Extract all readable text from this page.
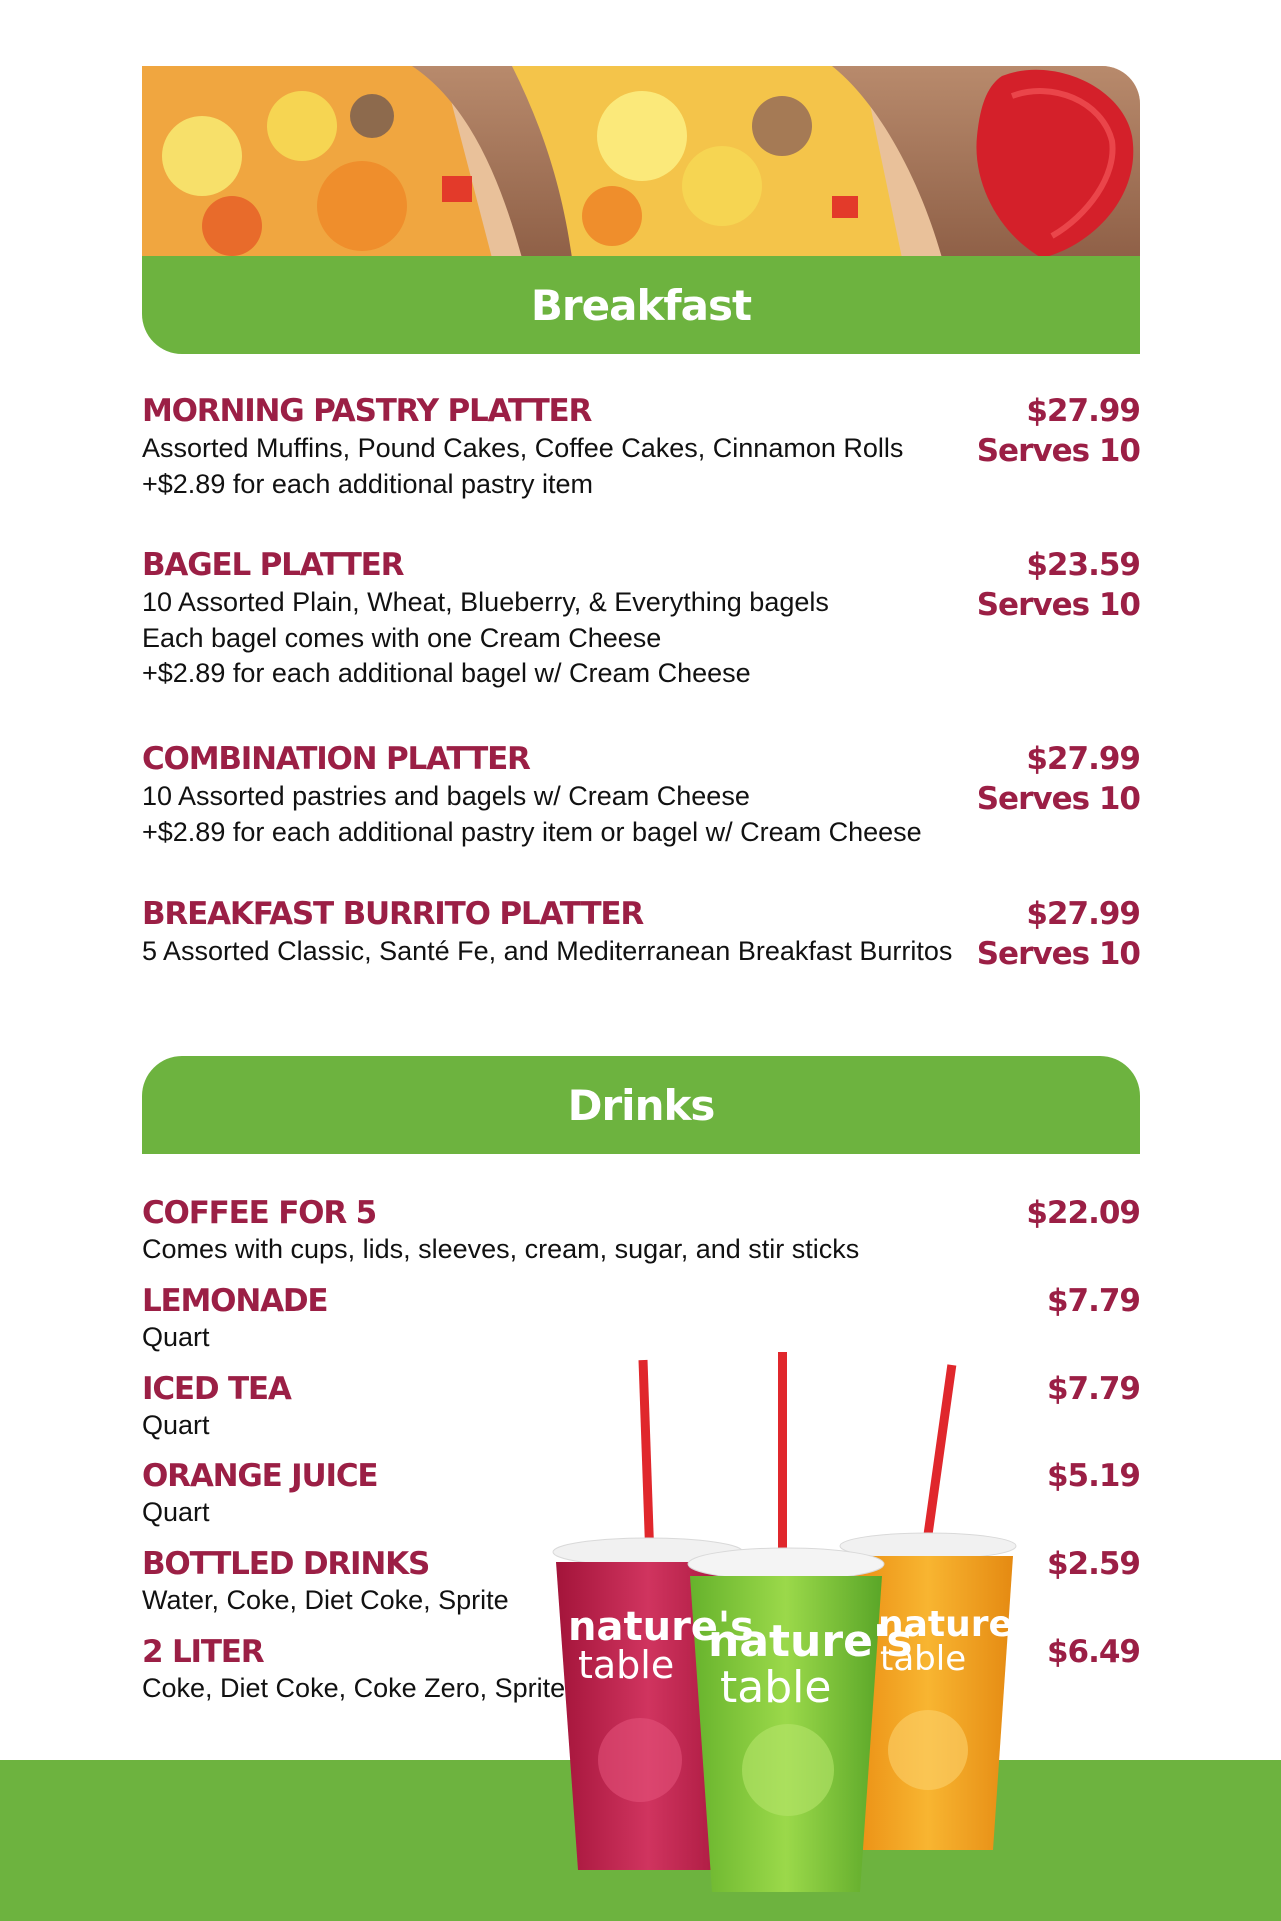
Breakfast
MORNING PASTRY PLATTER	$27.99
Serves 10
Assorted Muffins, Pound Cakes, Coffee Cakes, Cinnamon Rolls
+$2.89 for each additional pastry item
BAGEL PLATTER	$23.59
Serves 10
10 Assorted Plain, Wheat, Blueberry, & Everything bagels
Each bagel comes with one Cream Cheese
+$2.89 for each additional bagel w/ Cream Cheese
COMBINATION PLATTER	$27.99
Serves 10
10 Assorted pastries and bagels w/ Cream Cheese
+$2.89 for each additional pastry item or bagel w/ Cream Cheese
BREAKFAST BURRITO PLATTER	$27.99
Serves 10
5 Assorted Classic, Santé Fe, and Mediterranean Breakfast Burritos
Drinks
COFFEE FOR 5	$22.09
Comes with cups, lids, sleeves, cream, sugar, and stir sticks
LEMONADE	$7.79
Quart
ICED TEA	$7.79
Quart
ORANGE JUICE	$5.19
Quart
BOTTLED DRINKS	$2.59
Water, Coke, Diet Coke, Sprite
2 LITER	$6.49
Coke, Diet Coke, Coke Zero, Sprite
nature's
table nature's
table
nature's
table
